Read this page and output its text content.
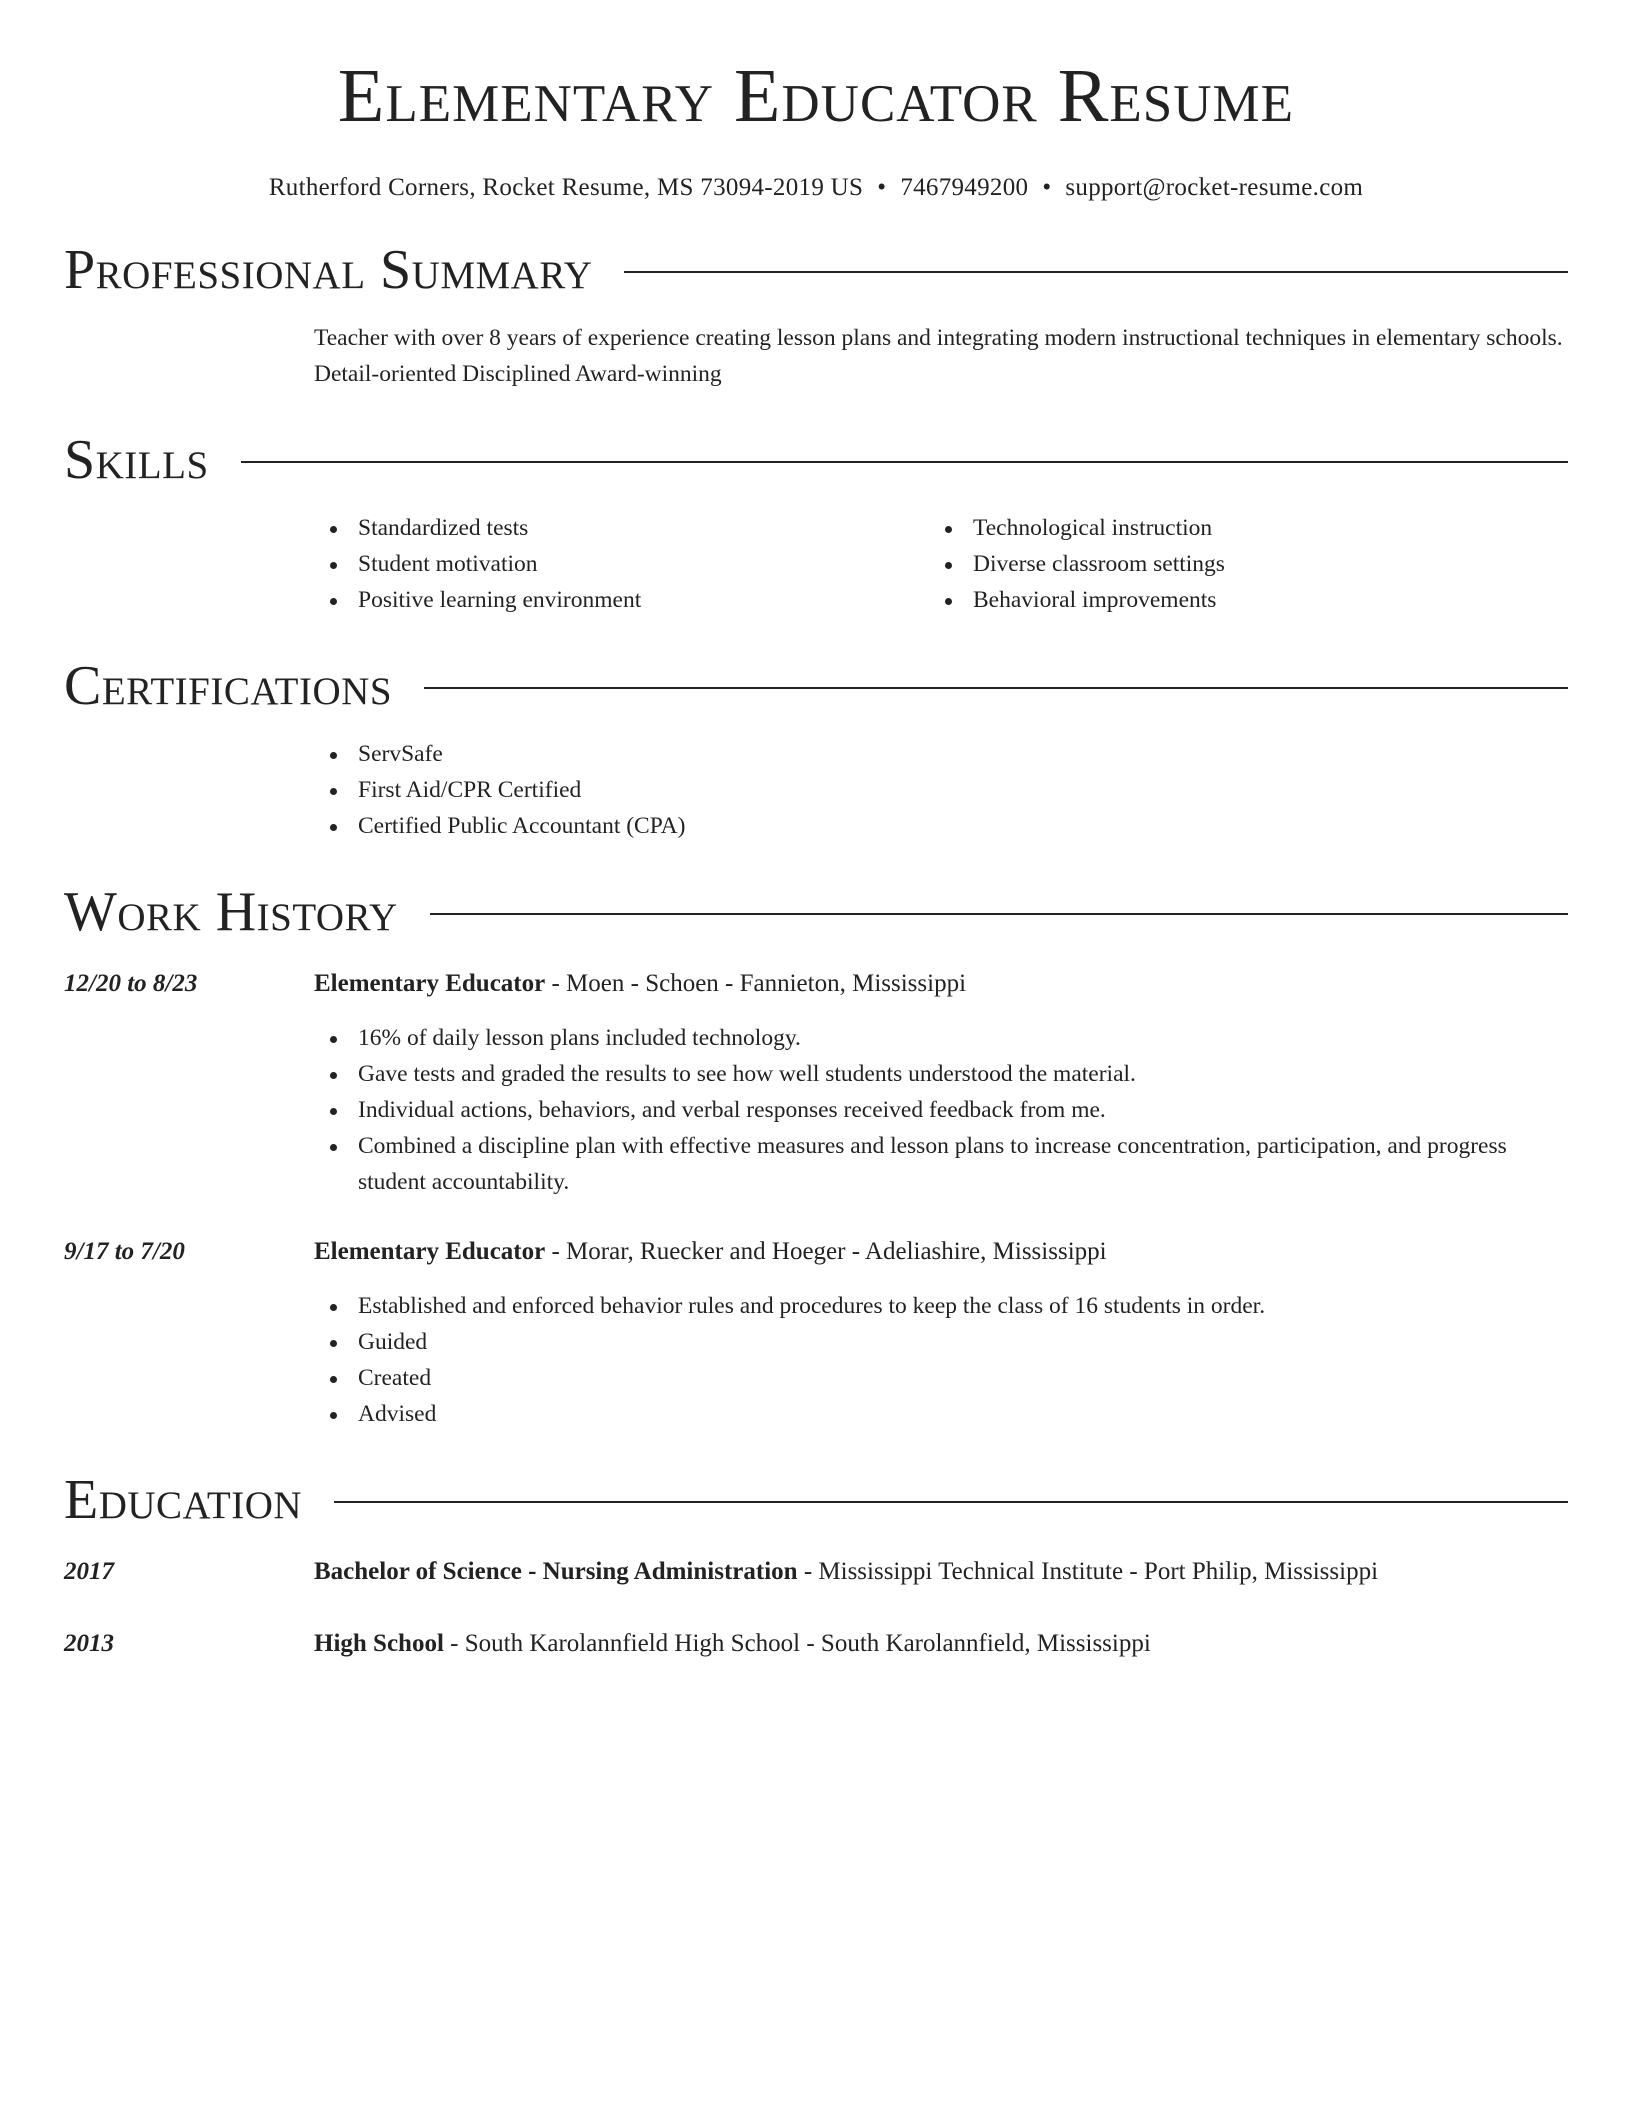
Elementary Educator Resume
Rutherford Corners, Rocket Resume, MS 73094-2019 US • 7467949200 • support@rocket-resume.com
Professional Summary
Teacher with over 8 years of experience creating lesson plans and integrating modern instructional techniques in elementary schools. Detail-oriented Disciplined Award-winning
Skills
Standardized tests
Student motivation
Positive learning environment
Technological instruction
Diverse classroom settings
Behavioral improvements
Certifications
ServSafe
First Aid/CPR Certified
Certified Public Accountant (CPA)
Work History
12/20 to 8/23	Elementary Educator - Moen - Schoen - Fannieton, Mississippi
16% of daily lesson plans included technology.
Gave tests and graded the results to see how well students understood the material.
Individual actions, behaviors, and verbal responses received feedback from me.
Combined a discipline plan with effective measures and lesson plans to increase concentration, participation, and progress student accountability.
9/17 to 7/20	Elementary Educator - Morar, Ruecker and Hoeger - Adeliashire, Mississippi
Established and enforced behavior rules and procedures to keep the class of 16 students in order.
Guided
Created
Advised
Education
2017	Bachelor of Science - Nursing Administration - Mississippi Technical Institute - Port Philip, Mississippi
2013	High School - South Karolannfield High School - South Karolannfield, Mississippi
